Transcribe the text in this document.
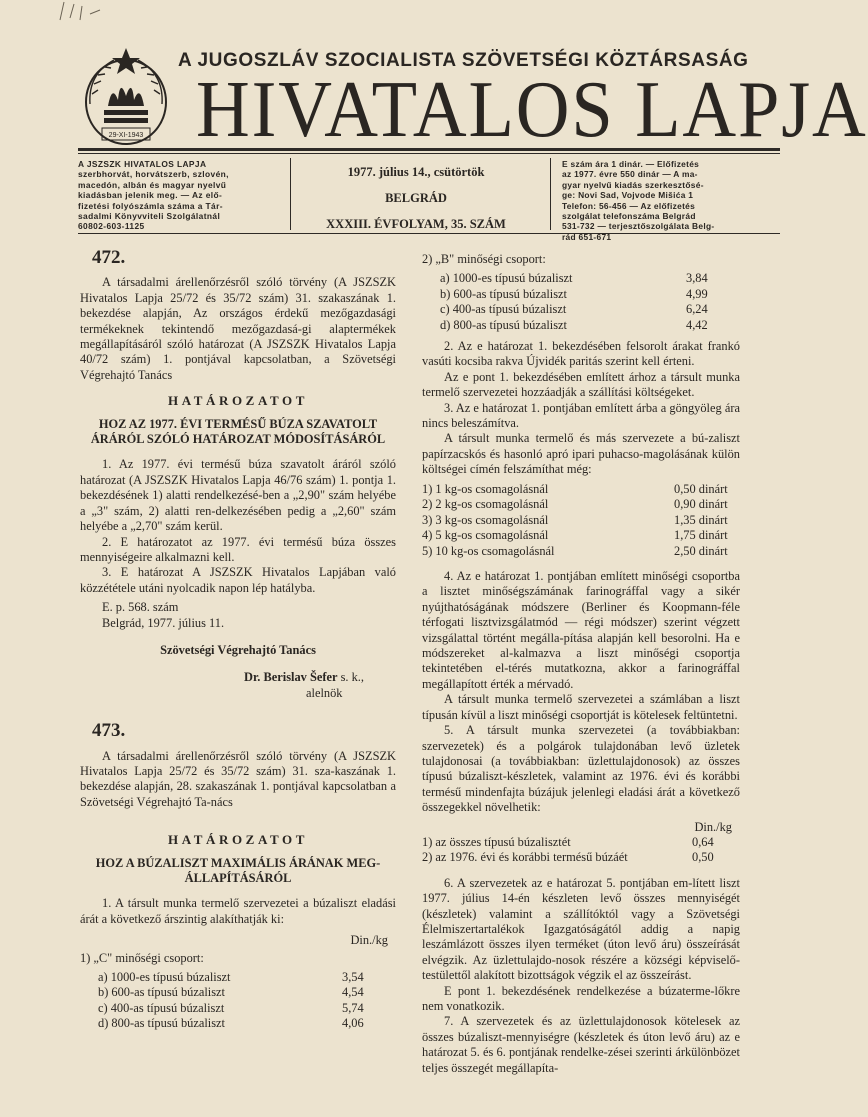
29-XI-1943
A JUGOSZLÁV SZOCIALISTA SZÖVETSÉGI KÖZTÁRSASÁG
HIVATALOS LAPJA
A JSZSZK HIVATALOS LAPJA
szerbhorvát, horvátszerb, szlovén,
macedón, albán és magyar nyelvű
kiadásban jelenik meg. — Az elő-
fizetési folyószámla száma a Tár-
sadalmi Könyvviteli Szolgálatnál
60802-603-1125
1977. július 14., csütörtök
BELGRÁD
XXXIII. ÉVFOLYAM, 35. SZÁM
E szám ára 1 dinár. — Előfizetés
az 1977. évre 550 dinár — A ma-
gyar nyelvű kiadás szerkesztősé-
ge: Novi Sad, Vojvode Mišića 1
Telefon: 56-456 — Az előfizetés
szolgálat telefonszáma Belgrád
531-732 — terjesztőszolgálata Belg-
rád 651-671
472.

A társadalmi árellenőrzésről szóló törvény (A JSZSZK Hivatalos Lapja 25/72 és 35/72 szám) 31. szakaszának 1. bekezdése alapján, Az országos érdekű mezőgazdasági termékeknek tekintendő mezőgazdasá-gi alaptermékek megállapításáról szóló határozat (A JSZSZK Hivatalos Lapja 40/72 szám) 1. pontjával kapcsolatban, a Szövetségi Végrehajtó Tanács

HATÁROZATOT
HOZ AZ 1977. ÉVI TERMÉSŰ BÚZA SZAVATOLT ÁRÁRÓL SZÓLÓ HATÁROZAT MÓDOSÍTÁSÁRÓL

1. Az 1977. évi termésű búza szavatolt áráról szóló határozat (A JSZSZK Hivatalos Lapja 46/76 szám) 1. pontja 1. bekezdésének 1) alatti rendelkezésé-ben a „2,90" szám helyébe a „3" szám, 2) alatti ren-delkezésében pedig a „2,60" szám helyébe a „2,70" szám kerül.

2. E határozatot az 1977. évi termésű búza összes mennyiségeire alkalmazni kell.

3. E határozat A JSZSZK Hivatalos Lapjában való közzététele utáni nyolcadik napon lép hatályba.

E. p. 568. szám

Belgrád, 1977. július 11.

Szövetségi Végrehajtó Tanács
Dr. Berislav Šefer s. k.,
alelnök
473.

A társadalmi árellenőrzésről szóló törvény (A JSZSZK Hivatalos Lapja 25/72 és 35/72 szám) 31. sza-kaszának 1. bekezdése alapján, 28. szakaszának 1. pontjával kapcsolatban a Szövetségi Végrehajtó Ta-nács

HATÁROZATOT
HOZ A BÚZALISZT MAXIMÁLIS ÁRÁNAK MEG-ÁLLAPÍTÁSÁRÓL

1. A társult munka termelő szervezetei a búzaliszt eladási árát a következő árszintig alakíthatják ki:

Din./kg
1) „C" minőségi csoport:
a) 1000-es típusú búzaliszt	3,54
b) 600-as típusú búzaliszt	4,54
c) 400-as típusú búzaliszt	5,74
d) 800-as típusú búzaliszt	4,06
2) „B" minőségi csoport:
a) 1000-es típusú búzaliszt	3,84
b) 600-as típusú búzaliszt	4,99
c) 400-as típusú búzaliszt	6,24
d) 800-as típusú búzaliszt	4,42

2. Az e határozat 1. bekezdésében felsorolt árakat frankó vasúti kocsiba rakva Újvidék paritás szerint kell érteni.

Az e pont 1. bekezdésében említett árhoz a társult munka termelő szervezetei hozzáadják a szállítási költségeket.

3. Az e határozat 1. pontjában említett árba a göngyöleg ára nincs beleszámítva.

A társult munka termelő és más szervezete a bú-zaliszt papírzacskós és hasonló apró ipari puhacso-magolásának külön költségei címén felszámíthat még:

1) 1 kg-os csomagolásnál	0,50 dinárt
2) 2 kg-os csomagolásnál	0,90 dinárt
3) 3 kg-os csomagolásnál	1,35 dinárt
4) 5 kg-os csomagolásnál	1,75 dinárt
5) 10 kg-os csomagolásnál	2,50 dinárt

4. Az e határozat 1. pontjában említett minőségi csoportba a lisztet minőségszámának farinográffal vagy a sikér nyújthatóságának módszere (Berliner és Koopmann-féle térfogati lisztvizsgálatmód — régi módszer) szerint végzett vizsgálattal történt megálla-pítása alapján kell besorolni. Ha e módszereket al-kalmazva a liszt minőségi csoportja tekintetében el-térés mutatkozna, akkor a farinográffal megállapított érték a mérvadó.

A társult munka termelő szervezetei a számlában a liszt típusán kívül a liszt minőségi csoportját is kötelesek feltüntetni.

5. A társult munka szervezetei (a továbbiakban: szervezetek) és a polgárok tulajdonában levő üzletek tulajdonosai (a továbbiakban: üzlettulajdonosok) az összes típusú búzaliszt-készletek, valamint az 1976. évi és korábbi termésű mindenfajta búzájuk jelenlegi eladási árát a következő összegekkel növelhetik:

Din./kg
1) az összes típusú búzalisztét	0,64
2) az 1976. évi és korábbi termésű búzáét	0,50

6. A szervezetek az e határozat 5. pontjában em-lített liszt 1977. július 14-én készleten levő összes mennyiségét (készletek) valamint a szállítóktól vagy a Szövetségi Élelmiszertartalékok Igazgatóságától addig a napig leszámlázott összes ilyen terméket (úton levő áru) összeírását elvégzik. Az üzlettulajdo-nosok részére a községi képviselő-testülettől alakított bizottságok végzik el az összeírást.

E pont 1. bekezdésének rendelkezése a búzaterme-lőkre nem vonatkozik.

7. A szervezetek és az üzlettulajdonosok kötelesek az összes búzaliszt-mennyiségre (készletek és úton levő áru) az e határozat 5. és 6. pontjának rendelke-zései szerinti árkülönbözet teljes összegét megállapíta-
